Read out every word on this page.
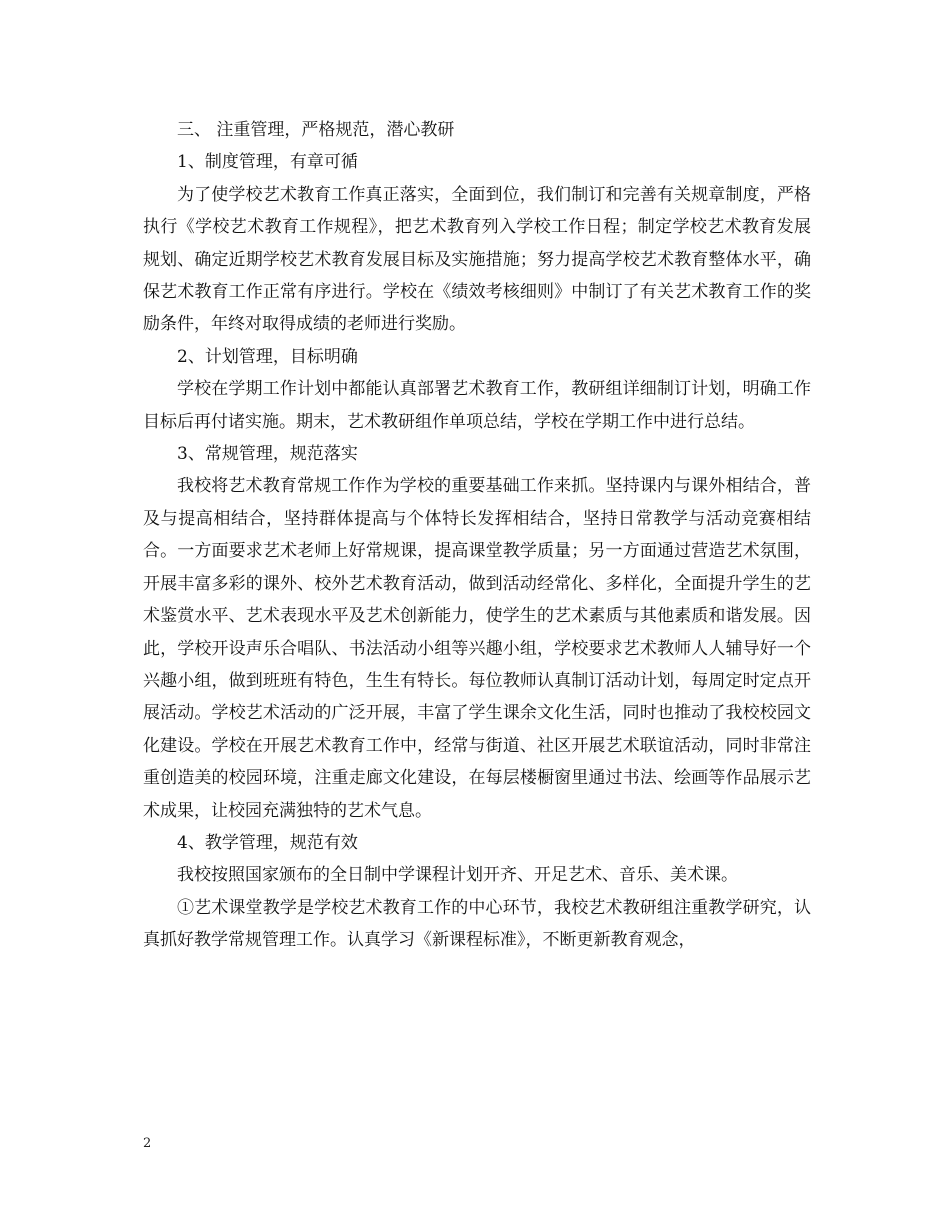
三、 注重管理，严格规范，潜心教研

1、制度管理，有章可循

为了使学校艺术教育工作真正落实，全面到位，我们制订和完善有关规章制度，严格执行《学校艺术教育工作规程》，把艺术教育列入学校工作日程；制定学校艺术教育发展规划、确定近期学校艺术教育发展目标及实施措施；努力提高学校艺术教育整体水平，确保艺术教育工作正常有序进行。学校在《绩效考核细则》中制订了有关艺术教育工作的奖励条件，年终对取得成绩的老师进行奖励。

2、计划管理，目标明确

学校在学期工作计划中都能认真部署艺术教育工作，教研组详细制订计划，明确工作目标后再付诸实施。期末，艺术教研组作单项总结，学校在学期工作中进行总结。

3、常规管理，规范落实

我校将艺术教育常规工作作为学校的重要基础工作来抓。坚持课内与课外相结合，普及与提高相结合，坚持群体提高与个体特长发挥相结合，坚持日常教学与活动竞赛相结合。一方面要求艺术老师上好常规课，提高课堂教学质量；另一方面通过营造艺术氛围，开展丰富多彩的课外、校外艺术教育活动，做到活动经常化、多样化，全面提升学生的艺术鉴赏水平、艺术表现水平及艺术创新能力，使学生的艺术素质与其他素质和谐发展。因此，学校开设声乐合唱队、书法活动小组等兴趣小组，学校要求艺术教师人人辅导好一个兴趣小组，做到班班有特色，生生有特长。每位教师认真制订活动计划，每周定时定点开展活动。学校艺术活动的广泛开展，丰富了学生课余文化生活，同时也推动了我校校园文化建设。学校在开展艺术教育工作中，经常与街道、社区开展艺术联谊活动，同时非常注重创造美的校园环境，注重走廊文化建设，在每层楼橱窗里通过书法、绘画等作品展示艺术成果，让校园充满独特的艺术气息。

4、教学管理，规范有效

我校按照国家颁布的全日制中学课程计划开齐、开足艺术、音乐、美术课。

①艺术课堂教学是学校艺术教育工作的中心环节，我校艺术教研组注重教学研究，认真抓好教学常规管理工作。认真学习《新课程标准》，不断更新教育观念，

2
